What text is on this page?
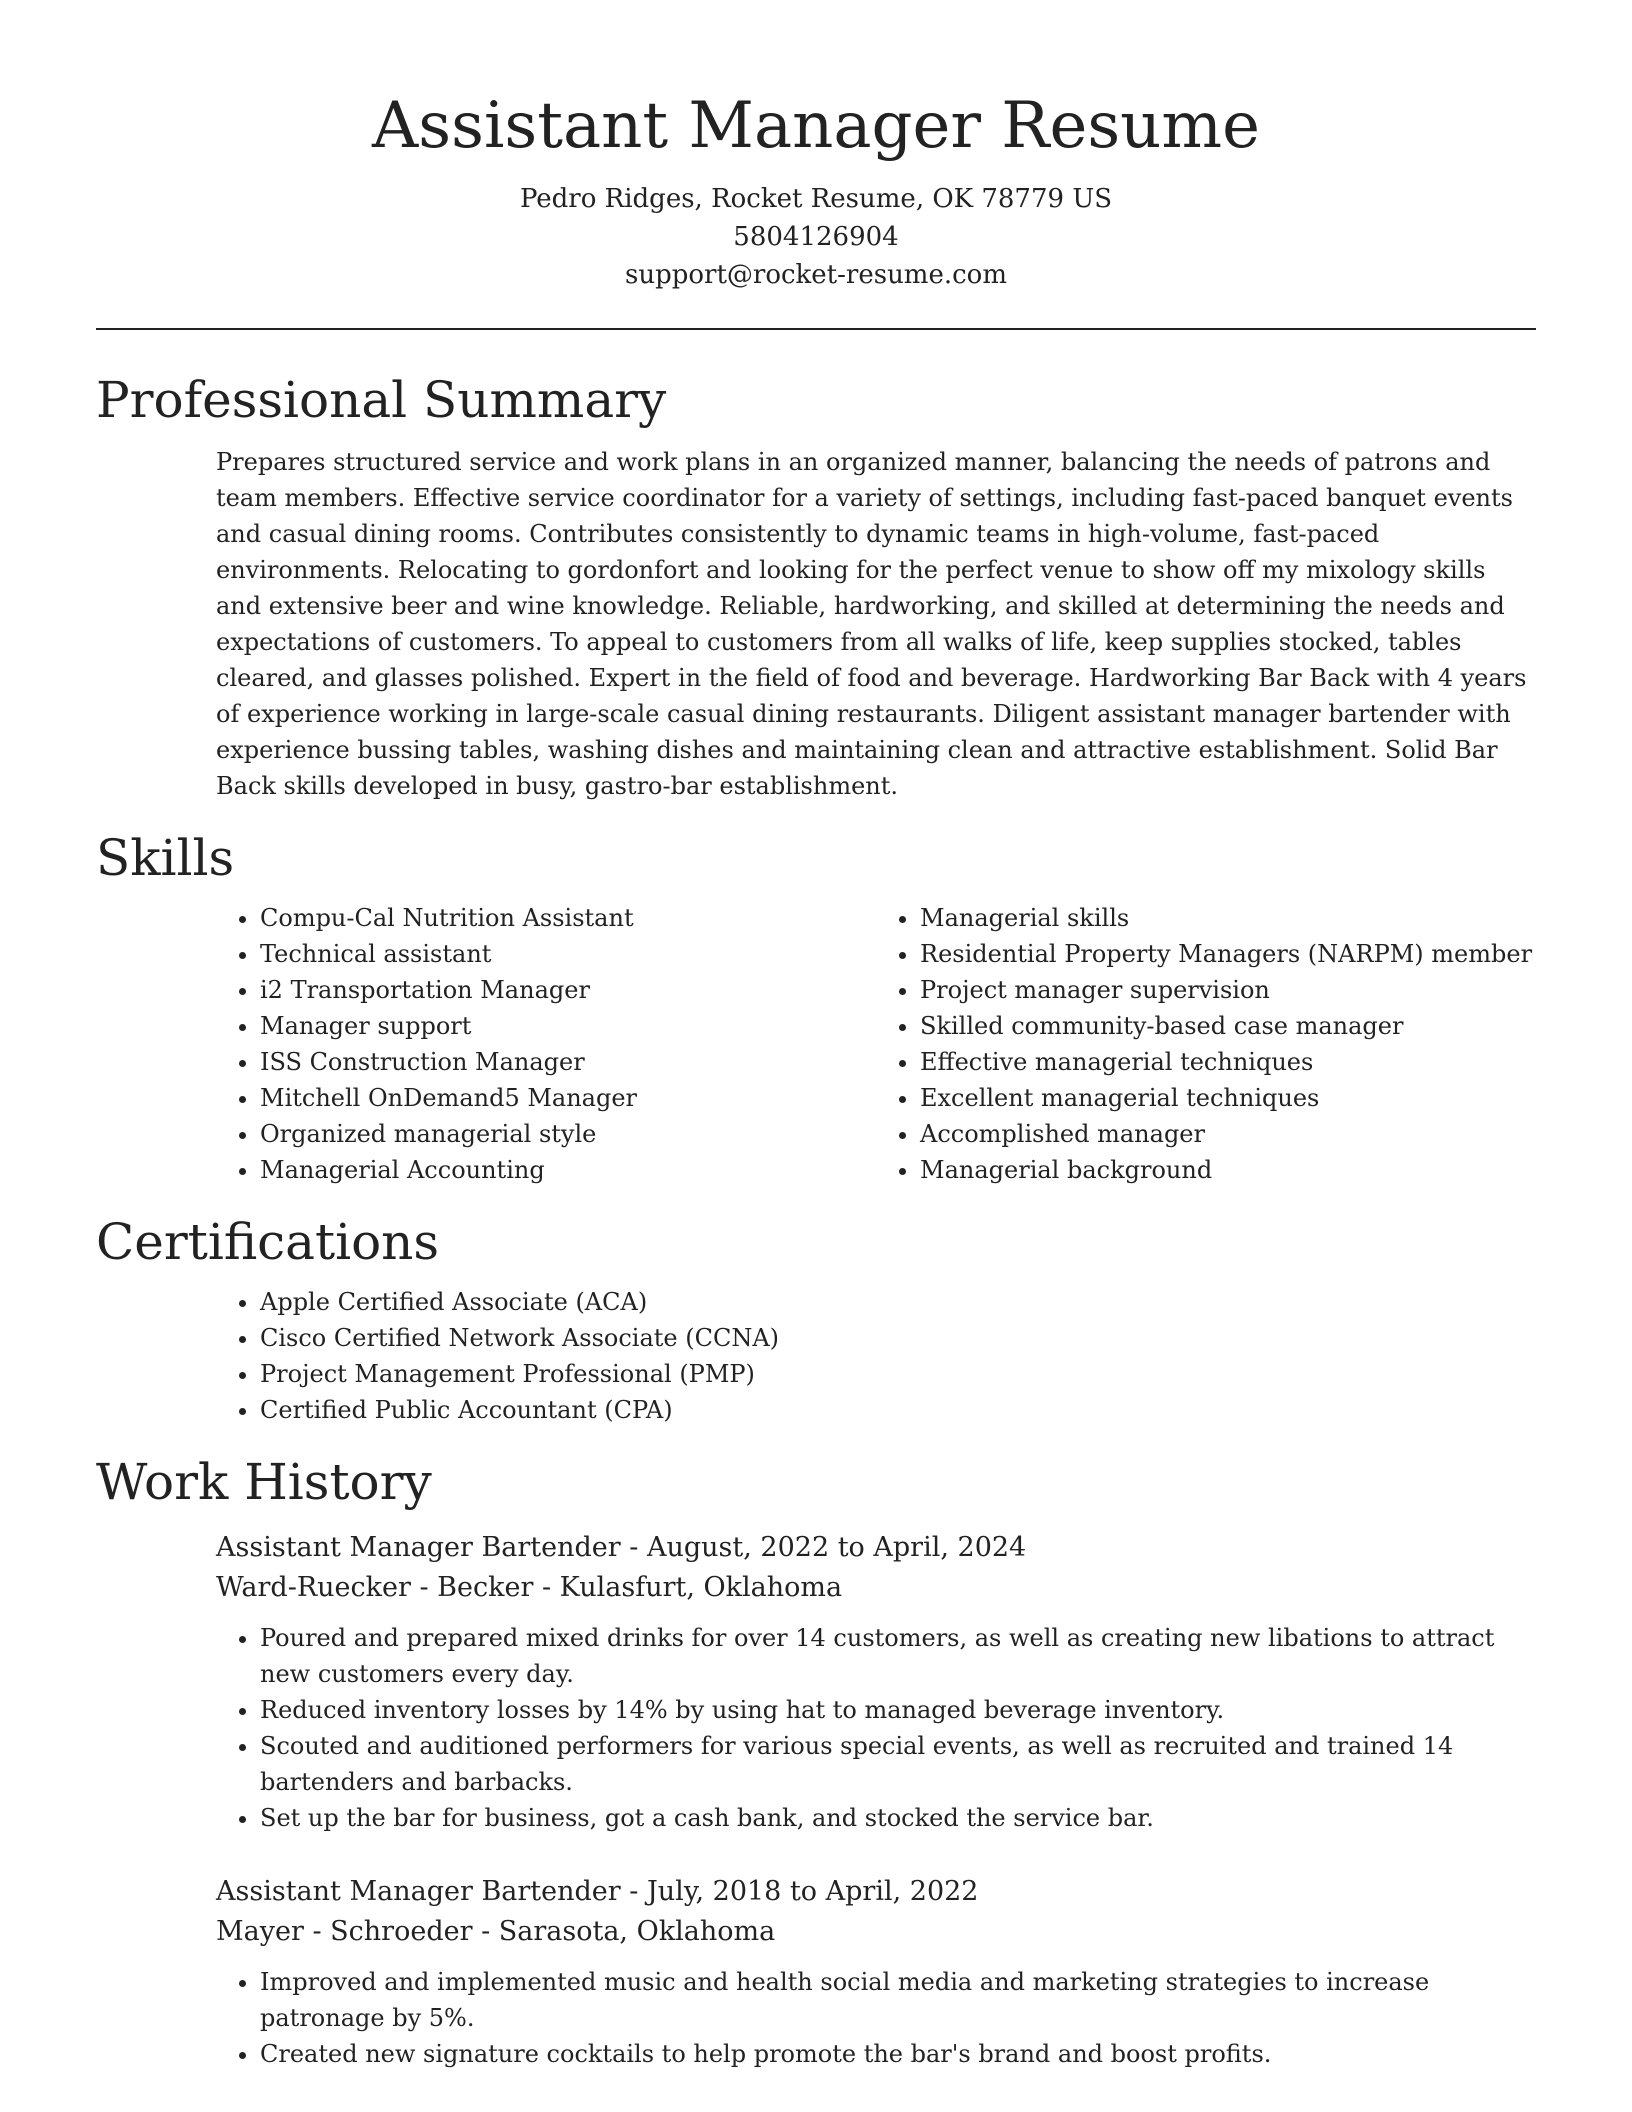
Assistant Manager Resume
Pedro Ridges, Rocket Resume, OK 78779 US
5804126904
support@rocket-resume.com
Professional Summary

Prepares structured service and work plans in an organized manner, balancing the needs of patrons and team members. Effective service coordinator for a variety of settings, including fast-paced banquet events and casual dining rooms. Contributes consistently to dynamic teams in high-volume, fast-paced environments. Relocating to gordonfort and looking for the perfect venue to show off my mixology skills and extensive beer and wine knowledge. Reliable, hardworking, and skilled at determining the needs and expectations of customers. To appeal to customers from all walks of life, keep supplies stocked, tables cleared, and glasses polished. Expert in the field of food and beverage. Hardworking Bar Back with 4 years of experience working in large-scale casual dining restaurants. Diligent assistant manager bartender with experience bussing tables, washing dishes and maintaining clean and attractive establishment. Solid Bar Back skills developed in busy, gastro-bar establishment.

Skills
• Compu-Cal Nutrition Assistant
• Technical assistant
• i2 Transportation Manager
• Manager support
• ISS Construction Manager
• Mitchell OnDemand5 Manager
• Organized managerial style
• Managerial Accounting
• Managerial skills
• Residential Property Managers (NARPM) member
• Project manager supervision
• Skilled community-based case manager
• Effective managerial techniques
• Excellent managerial techniques
• Accomplished manager
• Managerial background
Certifications
• Apple Certified Associate (ACA)
• Cisco Certified Network Associate (CCNA)
• Project Management Professional (PMP)
• Certified Public Accountant (CPA)
Work History
Assistant Manager Bartender - August, 2022 to April, 2024
Ward-Ruecker - Becker - Kulasfurt, Oklahoma
• Poured and prepared mixed drinks for over 14 customers, as well as creating new libations to attract new customers every day.
• Reduced inventory losses by 14% by using hat to managed beverage inventory.
• Scouted and auditioned performers for various special events, as well as recruited and trained 14 bartenders and barbacks.
• Set up the bar for business, got a cash bank, and stocked the service bar.
Assistant Manager Bartender - July, 2018 to April, 2022
Mayer - Schroeder - Sarasota, Oklahoma
• Improved and implemented music and health social media and marketing strategies to increase patronage by 5%.
• Created new signature cocktails to help promote the bar's brand and boost profits.
